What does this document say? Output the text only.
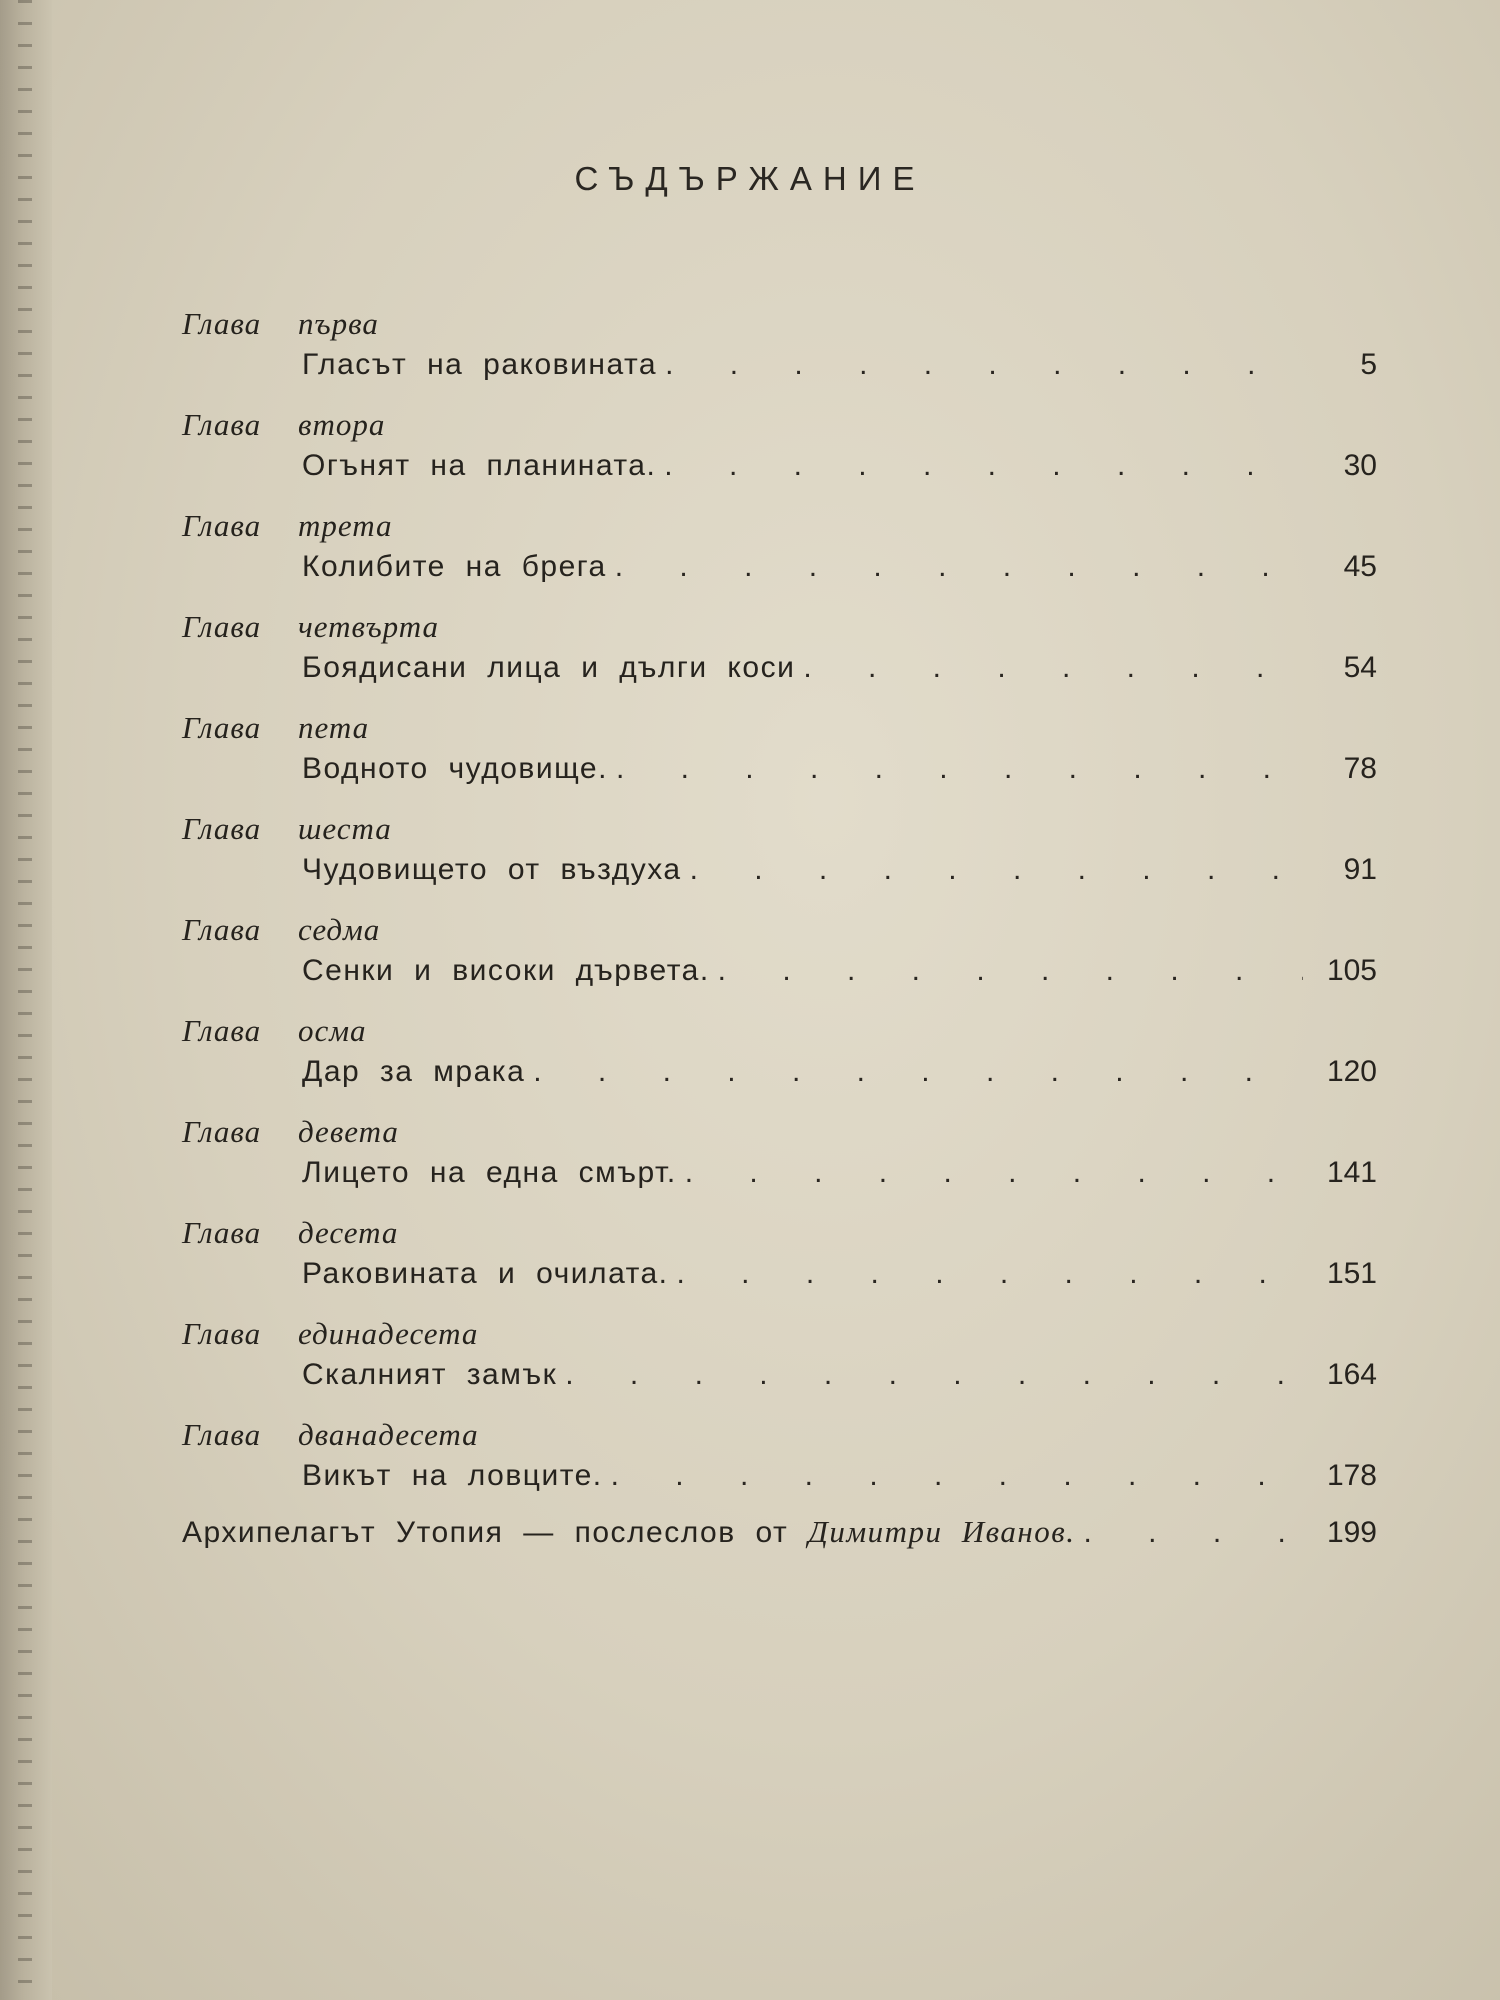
СЪДЪРЖАНИЕ
Глава първа
Гласът на раковината . . .	5
Глава втора
Огънят на планината. . . .	30
Глава трета
Колибите на брега . . .	45
Глава четвърта
Боядисани лица и дълги коси . . .	54
Глава пета
Водното чудовище. . . .	78
Глава шеста
Чудовището от въздуха . . .	91
Глава седма
Сенки и високи дървета. . . .	105
Глава осма
Дар за мрака . . .	120
Глава девета
Лицето на една смърт. . . .	141
Глава десета
Раковината и очилата. . . .	151
Глава единадесета
Скалният замък . . .	164
Глава дванадесета
Викът на ловците. . . .	178
Архипелагът Утопия — послеслов от Димитри Иванов. . . .	199
